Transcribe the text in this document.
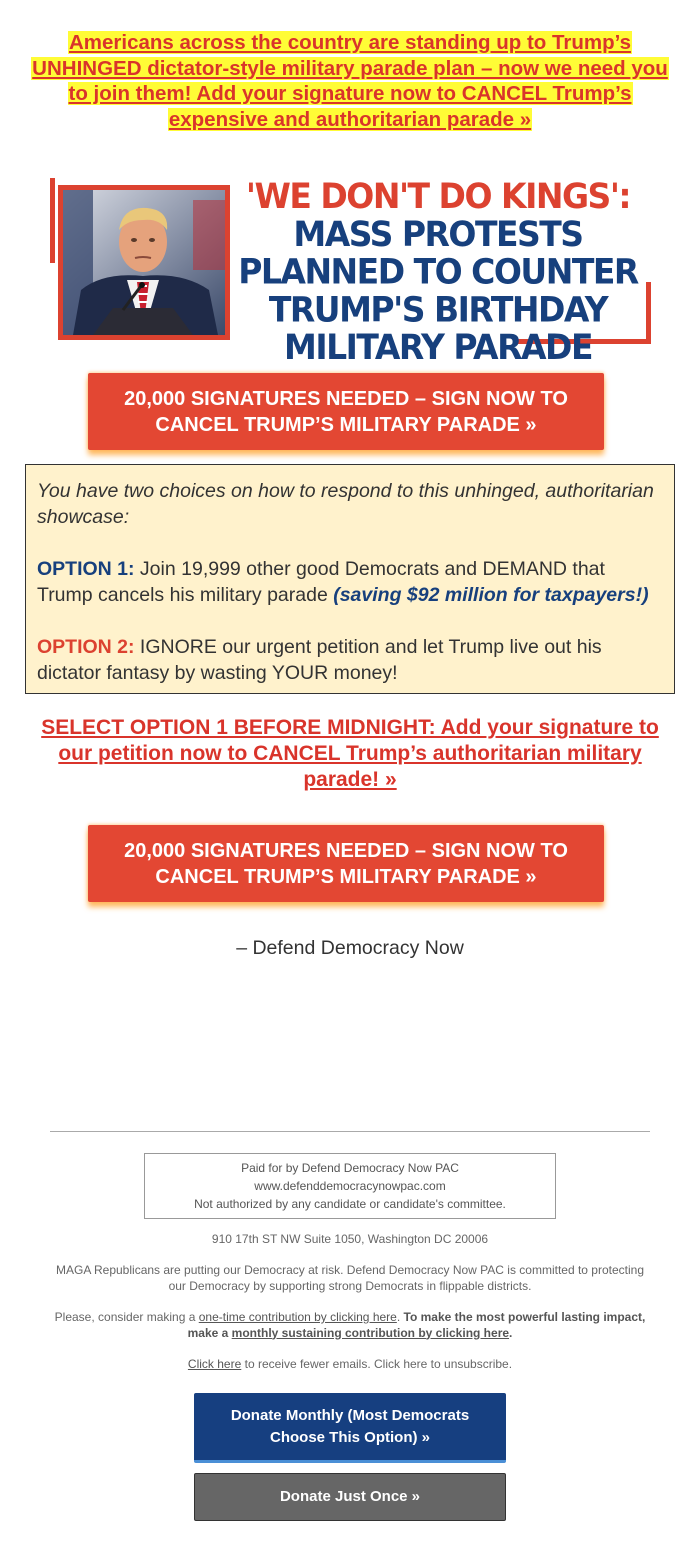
Americans across the country are standing up to Trump’s UNHINGED dictator-style military parade plan – now we need you to join them! Add your signature now to CANCEL Trump’s expensive and authoritarian parade »
'WE DON'T DO KINGS': MASS PROTESTS PLANNED TO COUNTER TRUMP'S BIRTHDAY MILITARY PARADE
20,000 SIGNATURES NEEDED – SIGN NOW TO CANCEL TRUMP’S MILITARY PARADE »

You have two choices on how to respond to this unhinged, authoritarian showcase:

OPTION 1: Join 19,999 other good Democrats and DEMAND that Trump cancels his military parade (saving $92 million for taxpayers!)

OPTION 2: IGNORE our urgent petition and let Trump live out his dictator fantasy by wasting YOUR money!

SELECT OPTION 1 BEFORE MIDNIGHT: Add your signature to our petition now to CANCEL Trump’s authoritarian military parade! »
20,000 SIGNATURES NEEDED – SIGN NOW TO CANCEL TRUMP’S MILITARY PARADE »
– Defend Democracy Now
Paid for by Defend Democracy Now PAC
www.defenddemocracynowpac.com
Not authorized by any candidate or candidate's committee.
910 17th ST NW Suite 1050, Washington DC 20006
MAGA Republicans are putting our Democracy at risk. Defend Democracy Now PAC is committed to protecting our Democracy by supporting strong Democrats in flippable districts.
Please, consider making a one-time contribution by clicking here. To make the most powerful lasting impact, make a monthly sustaining contribution by clicking here.
Click here to receive fewer emails. Click here to unsubscribe.
Donate Monthly (Most Democrats Choose This Option) »
Donate Just Once »
